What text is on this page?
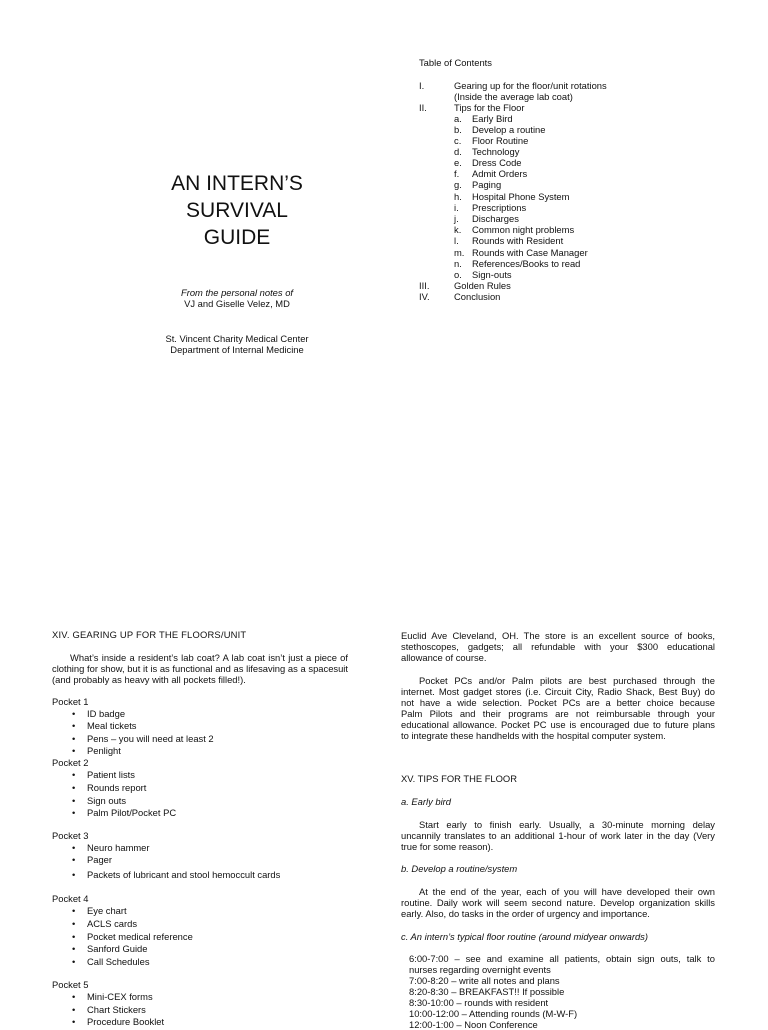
AN INTERN’S
SURVIVAL
GUIDE
From the personal notes of
VJ and Giselle Velez, MD
St. Vincent Charity Medical Center
Department of Internal Medicine
Table of Contents
I.	Gearing up for the floor/unit rotations
(Inside the average lab coat)
II.	Tips for the Floor
a. Early Bird
b. Develop a routine
c. Floor Routine
d. Technology
e. Dress Code
f. Admit Orders
g. Paging
h. Hospital Phone System
i. Prescriptions
j. Discharges
k. Common night problems
l. Rounds with Resident
m. Rounds with Case Manager
n. References/Books to read
o. Sign-outs
III.	Golden Rules
IV.	Conclusion
XIV. GEARING UP FOR THE FLOORS/UNIT
What’s inside a resident’s lab coat? A lab coat isn’t just a piece of
clothing for show, but it is as functional and as lifesaving as a spacesuit
(and probably as heavy with all pockets filled!).
Pocket 1
• ID badge
• Meal tickets
• Pens – you will need at least 2
• Penlight
Pocket 2
• Patient lists
• Rounds report
• Sign outs
• Palm Pilot/Pocket PC
Pocket 3
• Neuro hammer
• Pager
• Packets of lubricant and stool hemoccult cards
Pocket 4
• Eye chart
• ACLS cards
• Pocket medical reference
• Sanford Guide
• Call Schedules
Pocket 5
• Mini-CEX forms
• Chart Stickers
• Procedure Booklet
Euclid Ave Cleveland, OH. The store is an excellent source of books,
stethoscopes, gadgets; all refundable with your $300 educational
allowance of course.
Pocket PCs and/or Palm pilots are best purchased through the
internet. Most gadget stores (i.e. Circuit City, Radio Shack, Best Buy) do
not have a wide selection. Pocket PCs are a better choice because
Palm Pilots and their programs are not reimbursable through your
educational allowance. Pocket PC use is encouraged due to future plans
to integrate these handhelds with the hospital computer system.
XV. TIPS FOR THE FLOOR
a. Early bird
Start early to finish early. Usually, a 30-minute morning delay
uncannily translates to an additional 1-hour of work later in the day (Very
true for some reason).
b. Develop a routine/system
At the end of the year, each of you will have developed their own
routine. Daily work will seem second nature. Develop organization skills
early. Also, do tasks in the order of urgency and importance.
c. An intern’s typical floor routine (around midyear onwards)
6:00-7:00 – see and examine all patients, obtain sign outs, talk to
nurses regarding overnight events
7:00-8:20 – write all notes and plans
8:20-8:30 – BREAKFAST!! If possible
8:30-10:00 – rounds with resident
10:00-12:00 – Attending rounds (M-W-F)
12:00-1:00 – Noon Conference
